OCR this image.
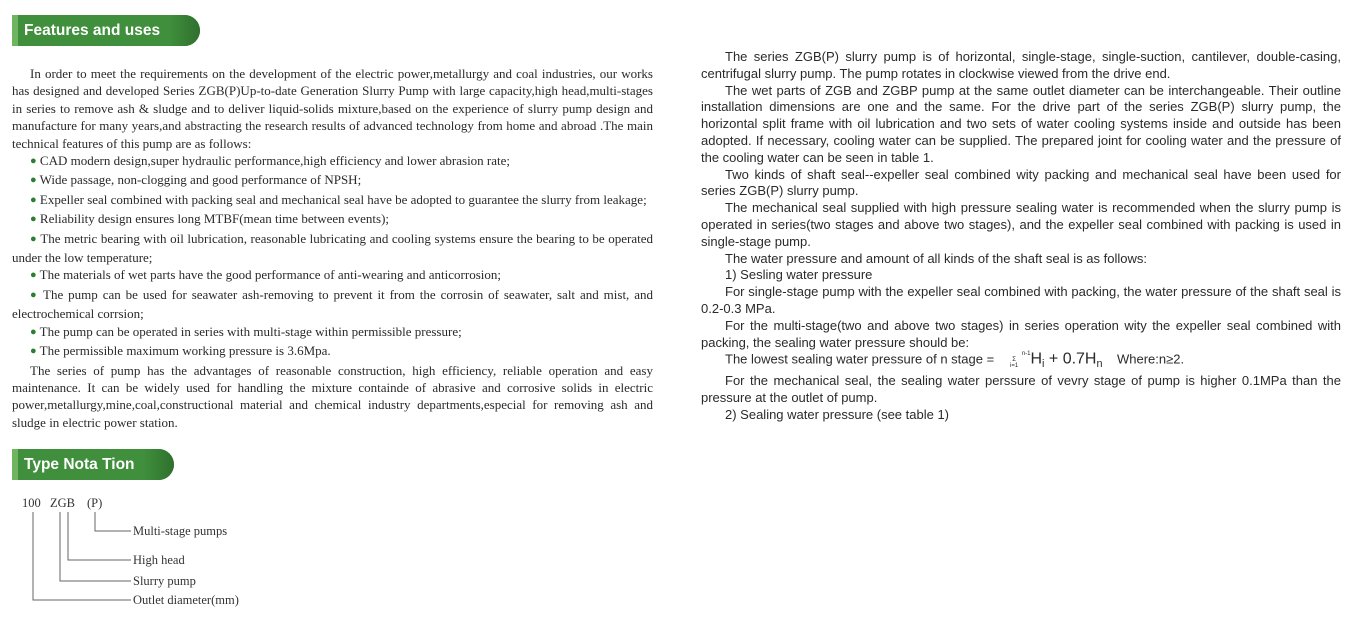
Features and uses

In order to meet the requirements on the development of the electric power,metallurgy and coal industries, our works has designed and developed Series ZGB(P)Up-to-date Generation Slurry Pump with large capacity,high head,multi-stages in series to remove ash & sludge and to deliver liquid-solids mixture,based on the experience of slurry pump design and manufacture for many years,and abstracting the research results of advanced technology from home and abroad .The main technical features of this pump are as follows:

● CAD modern design,super hydraulic performance,high efficiency and lower abrasion rate;

● Wide passage, non-clogging and good performance of NPSH;

● Expeller seal combined with packing seal and mechanical seal have be adopted to guarantee the slurry from leakage;

● Reliability design ensures long MTBF(mean time between events);

● The metric bearing with oil lubrication, reasonable lubricating and cooling systems ensure the bearing to be operated under the low temperature;

● The materials of wet parts have the good performance of anti-wearing and anticorrosion;

● The pump can be used for seawater ash-removing to prevent it from the corrosin of seawater, salt and mist, and electrochemical corrsion;

● The pump can be operated in series with multi-stage within permissible pressure;

● The permissible maximum working pressure is 3.6Mpa.

The series of pump has the advantages of reasonable construction, high efficiency, reliable operation and easy maintenance. It can be widely used for handling the mixture containde of abrasive and corrosive solids in electric power,metallurgy,mine,coal,constructional material and chemical industry departments,especial for removing ash and sludge in electric power station.

Type Nota Tion
100 ZGB (P)
Multi-stage pumps
High head
Slurry pump
Outlet diameter(mm)

The series ZGB(P) slurry pump is of horizontal, single-stage, single-suction, cantilever, double-casing, centrifugal slurry pump. The pump rotates in clockwise viewed from the drive end.

The wet parts of ZGB and ZGBP pump at the same outlet diameter can be interchangeable. Their outline installation dimensions are one and the same. For the drive part of the series ZGB(P) slurry pump, the horizontal split frame with oil lubrication and two sets of water cooling systems inside and outside has been adopted. If necessary, cooling water can be supplied. The prepared joint for cooling water and the pressure of the cooling water can be seen in table 1.

Two kinds of shaft seal--expeller seal combined wity packing and mechanical seal have been used for series ZGB(P) slurry pump.

The mechanical seal supplied with high pressure sealing water is recommended when the slurry pump is operated in series(two stages and above two stages), and the expeller seal combined with packing is used in single-stage pump.

The water pressure and amount of all kinds of the shaft seal is as follows:

1) Sesling water pressure

For single-stage pump with the expeller seal combined with packing, the water pressure of the shaft seal is 0.2-0.3 MPa.

For the multi-stage(two and above two stages) in series operation wity the expeller seal combined with packing, the sealing water pressure should be:

The lowest sealing water pressure of n stage =	n-1
Σ
i=1 $H_i + 0.7H_n$ Where:n≥2.

For the mechanical seal, the sealing water perssure of vevry stage of pump is higher 0.1MPa than the pressure at the outlet of pump.

2) Sealing water pressure (see table 1)
